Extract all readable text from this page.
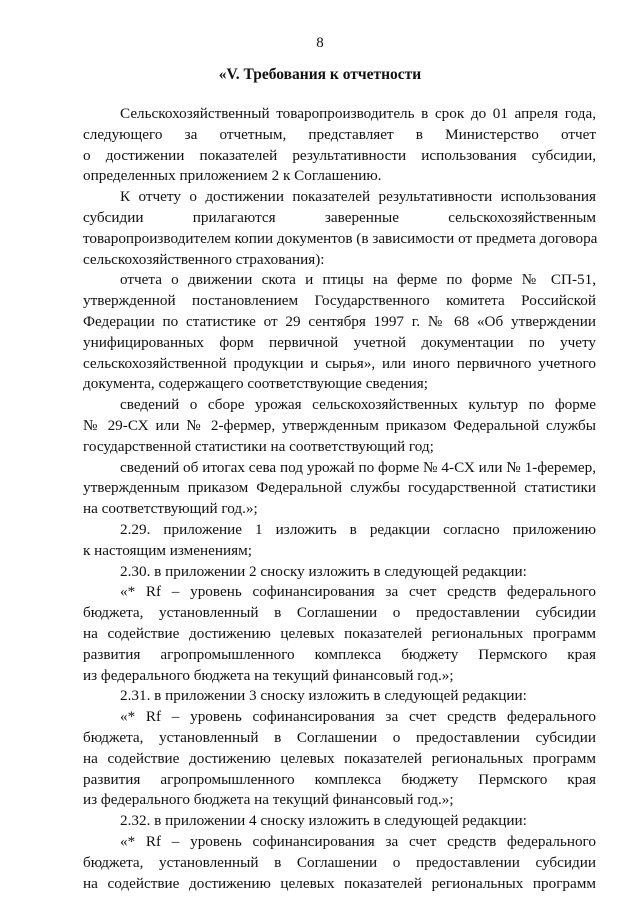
8
«V. Требования к отчетности
Сельскохозяйственный товаропроизводитель в срок до 01 апреля года,
следующего за отчетным, представляет в Министерство отчет
о достижении показателей результативности использования субсидии,
определенных приложением 2 к Соглашению.
К отчету о достижении показателей результативности использования
субсидии прилагаются заверенные сельскохозяйственным
товаропроизводителем копии документов (в зависимости от предмета договора
сельскохозяйственного страхования):
отчета о движении скота и птицы на ферме по форме № СП-51,
утвержденной постановлением Государственного комитета Российской
Федерации по статистике от 29 сентября 1997 г. № 68 «Об утверждении
унифицированных форм первичной учетной документации по учету
сельскохозяйственной продукции и сырья», или иного первичного учетного
документа, содержащего соответствующие сведения;
сведений о сборе урожая сельскохозяйственных культур по форме
№ 29-СХ или № 2-фермер, утвержденным приказом Федеральной службы
государственной статистики на соответствующий год;
сведений об итогах сева под урожай по форме № 4-СХ или № 1-феремер,
утвержденным приказом Федеральной службы государственной статистики
на соответствующий год.»;
2.29. приложение 1 изложить в редакции согласно приложению
к настоящим изменениям;
2.30. в приложении 2 сноску изложить в следующей редакции:
«* Rf – уровень софинансирования за счет средств федерального
бюджета, установленный в Соглашении о предоставлении субсидии
на содействие достижению целевых показателей региональных программ
развития агропромышленного комплекса бюджету Пермского края
из федерального бюджета на текущий финансовый год.»;
2.31. в приложении 3 сноску изложить в следующей редакции:
«* Rf – уровень софинансирования за счет средств федерального
бюджета, установленный в Соглашении о предоставлении субсидии
на содействие достижению целевых показателей региональных программ
развития агропромышленного комплекса бюджету Пермского края
из федерального бюджета на текущий финансовый год.»;
2.32. в приложении 4 сноску изложить в следующей редакции:
«* Rf – уровень софинансирования за счет средств федерального
бюджета, установленный в Соглашении о предоставлении субсидии
на содействие достижению целевых показателей региональных программ
